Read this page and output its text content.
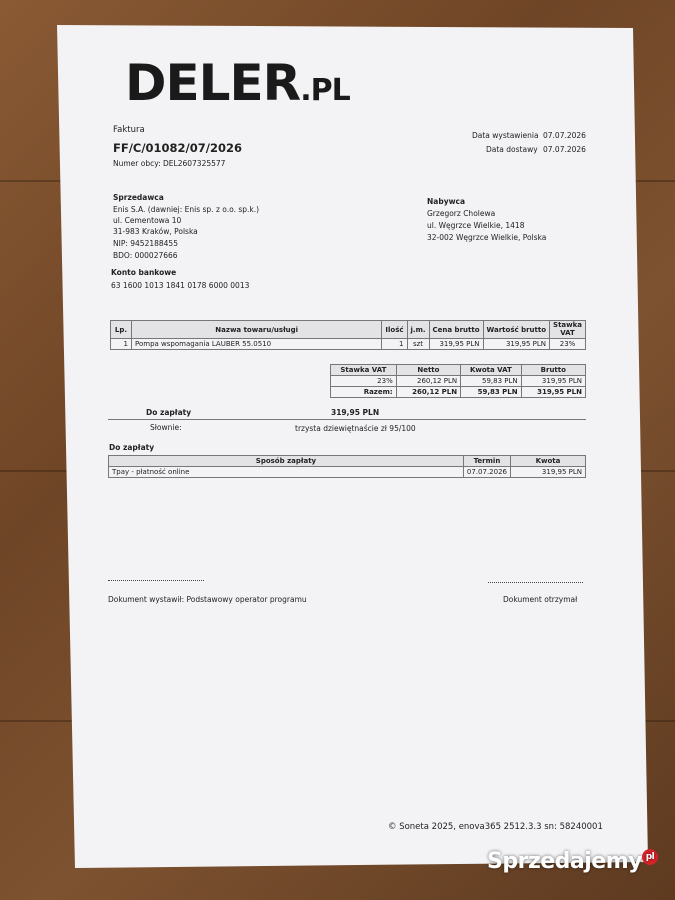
DELER.PL
Faktura
FF/C/01082/07/2026
Numer obcy: DEL2607325577
Data wystawienia 07.07.2026
Data dostawy 07.07.2026
Sprzedawca
Enis S.A. (dawniej: Enis sp. z o.o. sp.k.)
ul. Cementowa 10
31-983 Kraków, Polska
NIP: 9452188455
BDO: 000027666
Konto bankowe
63 1600 1013 1841 0178 6000 0013
Nabywca
Grzegorz Cholewa
ul. Węgrzce Wielkie, 1418
32-002 Węgrzce Wielkie, Polska
Lp.	Nazwa towaru/usługi	Ilość	j.m.	Cena brutto	Wartość brutto	Stawka VAT
1	Pompa wspomagania LAUBER 55.0510	1	szt	319,95 PLN	319,95 PLN	23%
Stawka VAT	Netto	Kwota VAT	Brutto
23%	260,12 PLN	59,83 PLN	319,95 PLN
Razem:	260,12 PLN	59,83 PLN	319,95 PLN
Do zapłaty	319,95 PLN
Słownie:	trzysta dziewiętnaście zł 95/100
Do zapłaty
Sposób zapłaty	Termin	Kwota
Tpay - płatność online	07.07.2026	319,95 PLN
Dokument wystawił: Podstawowy operator programu	Dokument otrzymał
© Soneta 2025, enova365 2512.3.3 sn: 58240001
Sprzedajemy pl
